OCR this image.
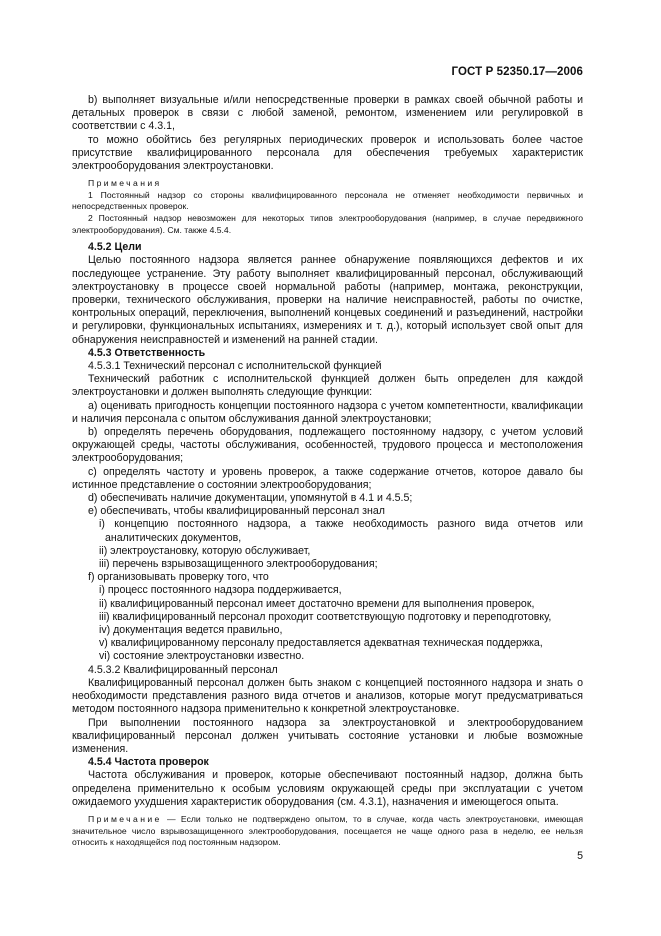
ГОСТ Р 52350.17—2006

b) выполняет визуальные и/или непосредственные проверки в рамках своей обычной работы и детальных проверок в связи с любой заменой, ремонтом, изменением или регулировкой в соответствии с 4.3.1,

то можно обойтись без регулярных периодических проверок и использовать более частое присутствие квалифицированного персонала для обеспечения требуемых характеристик электрооборудования электроустановки.

Примечания

1 Постоянный надзор со стороны квалифицированного персонала не отменяет необходимости первичных и непосредственных проверок.

2 Постоянный надзор невозможен для некоторых типов электрооборудования (например, в случае передвижного электрооборудования). См. также 4.5.4.

4.5.2 Цели

Целью постоянного надзора является раннее обнаружение появляющихся дефектов и их последующее устранение. Эту работу выполняет квалифицированный персонал, обслуживающий электроустановку в процессе своей нормальной работы (например, монтажа, реконструкции, проверки, технического обслуживания, проверки на наличие неисправностей, работы по очистке, контрольных операций, переключения, выполнений концевых соединений и разъединений, настройки и регулировки, функциональных испытаниях, измерениях и т. д.), который использует свой опыт для обнаружения неисправностей и изменений на ранней стадии.

4.5.3 Ответственность

4.5.3.1 Технический персонал с исполнительской функцией

Технический работник с исполнительской функцией должен быть определен для каждой электроустановки и должен выполнять следующие функции:

a) оценивать пригодность концепции постоянного надзора с учетом компетентности, квалификации и наличия персонала с опытом обслуживания данной электроустановки;

b) определять перечень оборудования, подлежащего постоянному надзору, с учетом условий окружающей среды, частоты обслуживания, особенностей, трудового процесса и местоположения электрооборудования;

c) определять частоту и уровень проверок, а также содержание отчетов, которое давало бы истинное представление о состоянии электрооборудования;

d) обеспечивать наличие документации, упомянутой в 4.1 и 4.5.5;

e) обеспечивать, чтобы квалифицированный персонал знал

i) концепцию постоянного надзора, а также необходимость разного вида отчетов или аналитических документов,

ii) электроустановку, которую обслуживает,

iii) перечень взрывозащищенного электрооборудования;

f) организовывать проверку того, что

i) процесс постоянного надзора поддерживается,

ii) квалифицированный персонал имеет достаточно времени для выполнения проверок,

iii) квалифицированный персонал проходит соответствующую подготовку и переподготовку,

iv) документация ведется правильно,

v) квалифицированному персоналу предоставляется адекватная техническая поддержка,

vi) состояние электроустановки известно.

4.5.3.2 Квалифицированный персонал

Квалифицированный персонал должен быть знаком с концепцией постоянного надзора и знать о необходимости представления разного вида отчетов и анализов, которые могут предусматриваться методом постоянного надзора применительно к конкретной электроустановке.

При выполнении постоянного надзора за электроустановкой и электрооборудованием квалифицированный персонал должен учитывать состояние установки и любые возможные изменения.

4.5.4 Частота проверок

Частота обслуживания и проверок, которые обеспечивают постоянный надзор, должна быть определена применительно к особым условиям окружающей среды при эксплуатации с учетом ожидаемого ухудшения характеристик оборудования (см. 4.3.1), назначения и имеющегося опыта.

Примечание — Если только не подтверждено опытом, то в случае, когда часть электроустановки, имеющая значительное число взрывозащищенного электрооборудования, посещается не чаще одного раза в неделю, ее нельзя относить к находящейся под постоянным надзором.

5
